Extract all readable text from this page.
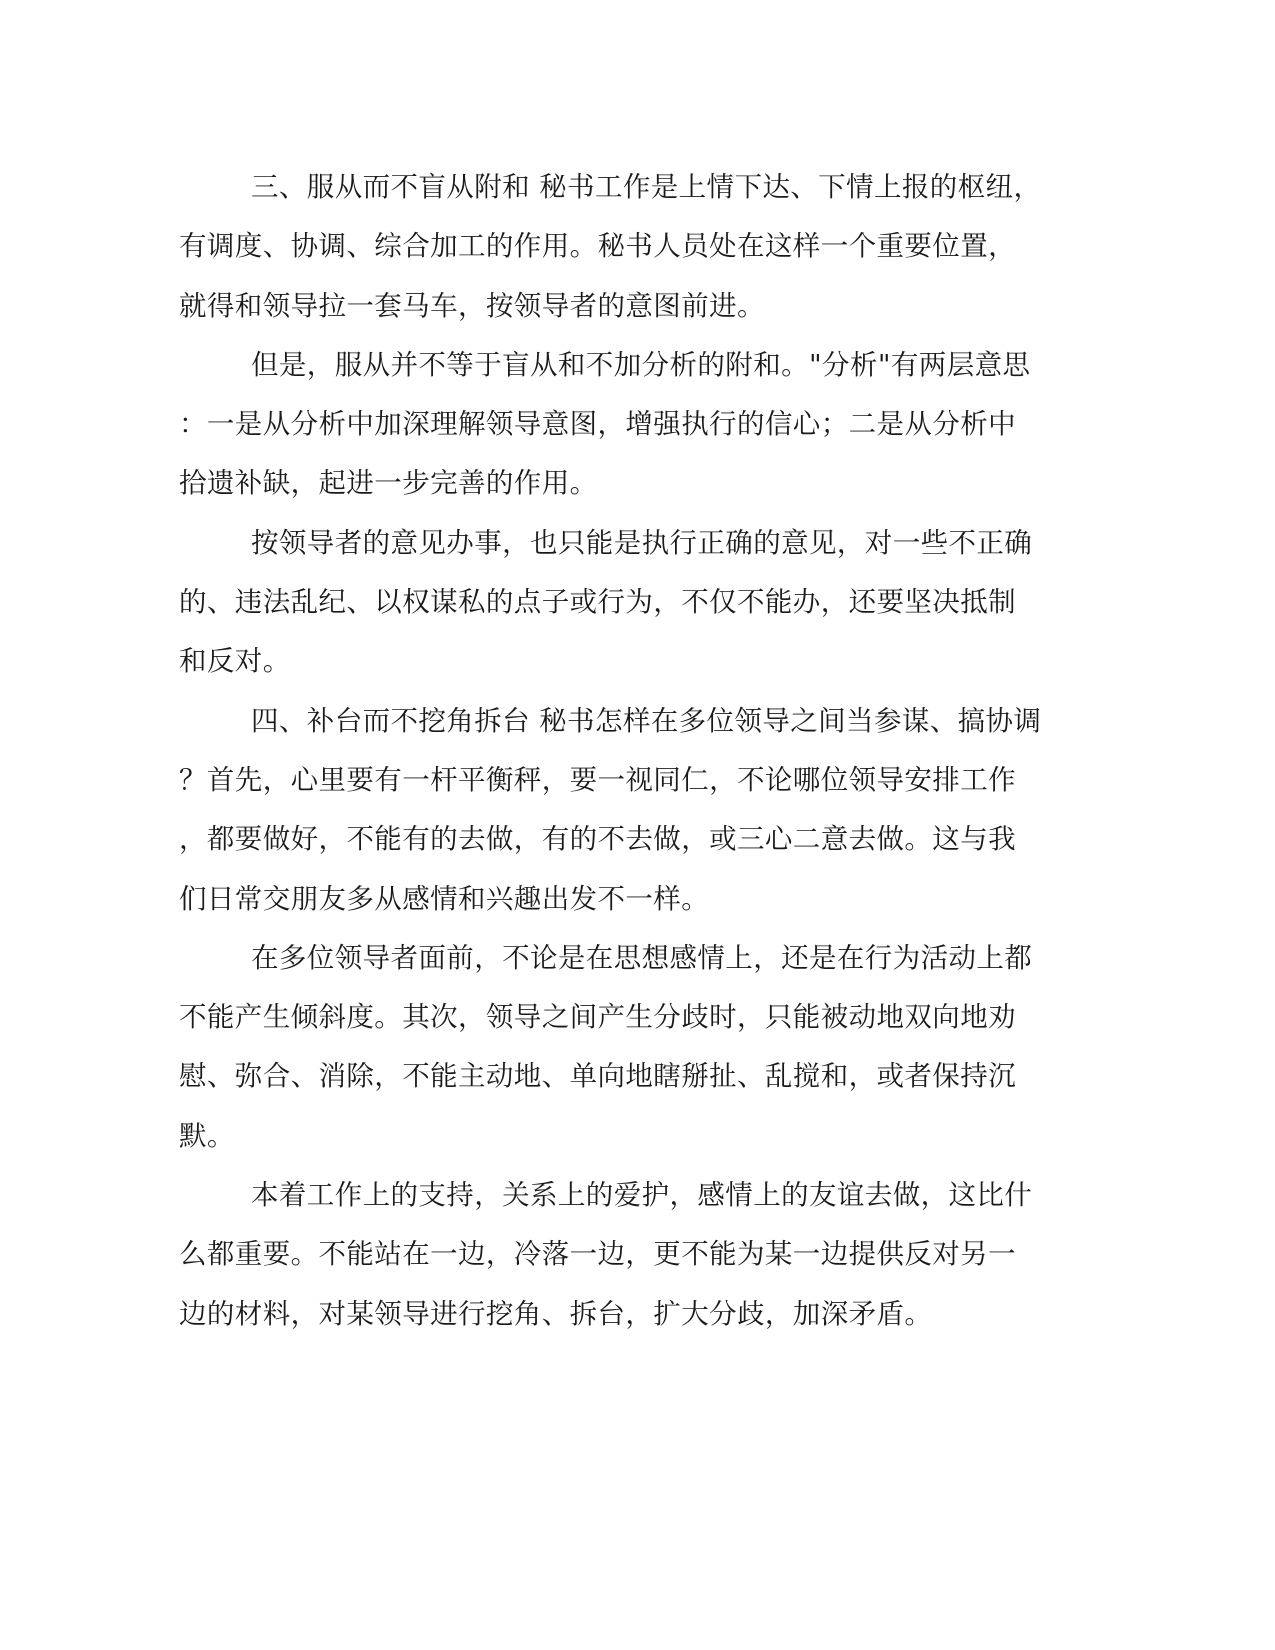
三、服从而不盲从附和 秘书工作是上情下达、下情上报的枢纽，
有调度、协调、综合加工的作用。秘书人员处在这样一个重要位置，
就得和领导拉一套马车，按领导者的意图前进。
但是，服从并不等于盲从和不加分析的附和。"分析"有两层意思
：一是从分析中加深理解领导意图，增强执行的信心；二是从分析中
拾遗补缺，起进一步完善的作用。
按领导者的意见办事，也只能是执行正确的意见，对一些不正确
的、违法乱纪、以权谋私的点子或行为，不仅不能办，还要坚决抵制
和反对。
四、补台而不挖角拆台 秘书怎样在多位领导之间当参谋、搞协调
？首先，心里要有一杆平衡秤，要一视同仁，不论哪位领导安排工作
，都要做好，不能有的去做，有的不去做，或三心二意去做。这与我
们日常交朋友多从感情和兴趣出发不一样。
在多位领导者面前，不论是在思想感情上，还是在行为活动上都
不能产生倾斜度。其次，领导之间产生分歧时，只能被动地双向地劝
慰、弥合、消除，不能主动地、单向地瞎掰扯、乱搅和，或者保持沉
默。
本着工作上的支持，关系上的爱护，感情上的友谊去做，这比什
么都重要。不能站在一边，冷落一边，更不能为某一边提供反对另一
边的材料，对某领导进行挖角、拆台，扩大分歧，加深矛盾。
